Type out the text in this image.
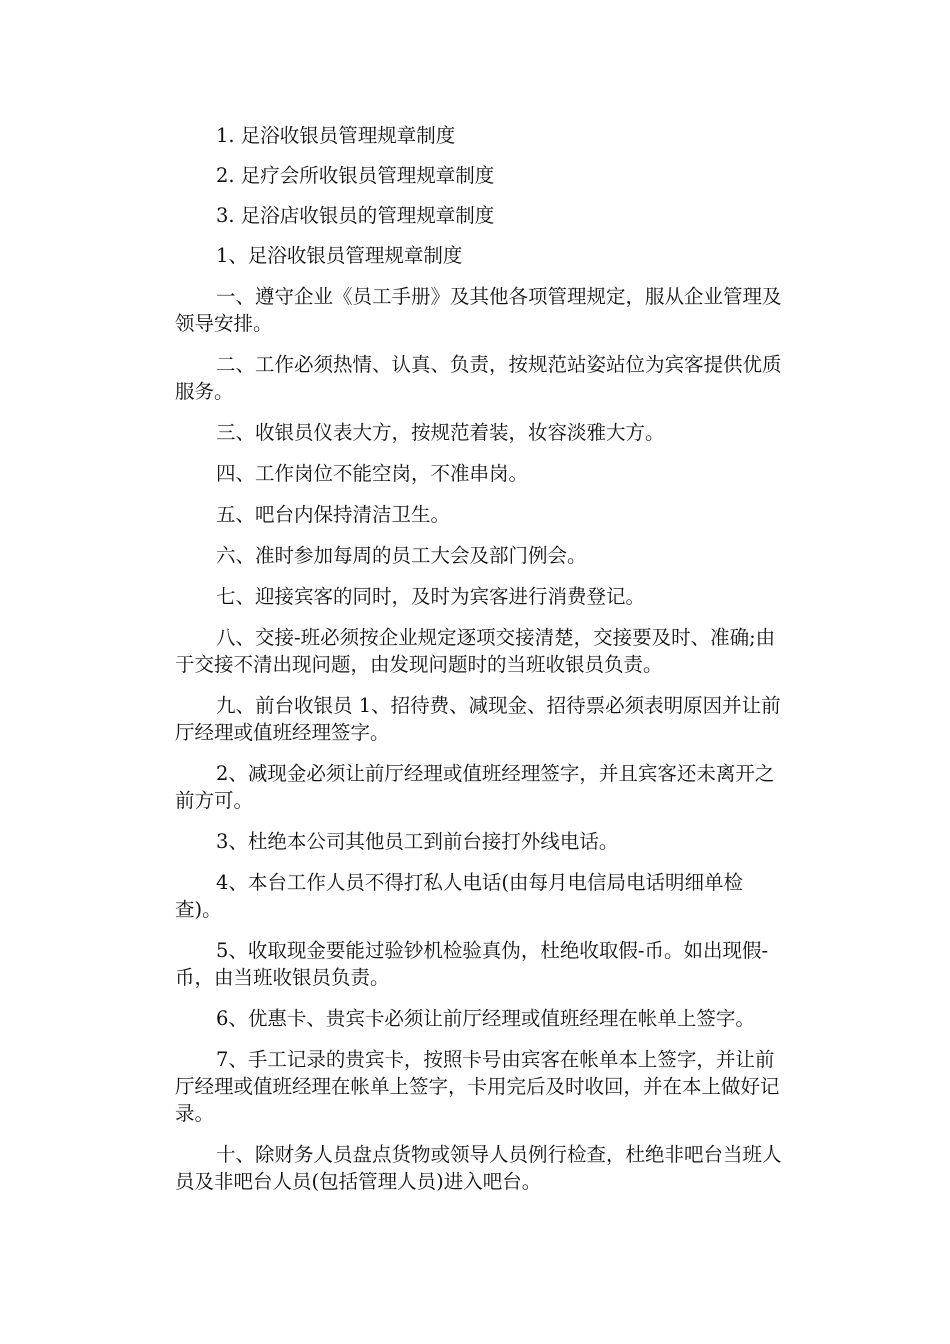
1. 足浴收银员管理规章制度

2. 足疗会所收银员管理规章制度

3. 足浴店收银员的管理规章制度

1、足浴收银员管理规章制度

一、遵守企业《员工手册》及其他各项管理规定，服从企业管理及领导安排。

二、工作必须热情、认真、负责，按规范站姿站位为宾客提供优质服务。

三、收银员仪表大方，按规范着装，妆容淡雅大方。

四、工作岗位不能空岗，不准串岗。

五、吧台内保持清洁卫生。

六、准时参加每周的员工大会及部门例会。

七、迎接宾客的同时，及时为宾客进行消费登记。

八、交接-班必须按企业规定逐项交接清楚，交接要及时、准确;由于交接不清出现问题，由发现问题时的当班收银员负责。

九、前台收银员 1、招待费、减现金、招待票必须表明原因并让前厅经理或值班经理签字。

2、减现金必须让前厅经理或值班经理签字，并且宾客还未离开之前方可。

3、杜绝本公司其他员工到前台接打外线电话。

4、本台工作人员不得打私人电话(由每月电信局电话明细单检查)。

5、收取现金要能过验钞机检验真伪，杜绝收取假-币。如出现假-币，由当班收银员负责。

6、优惠卡、贵宾卡必须让前厅经理或值班经理在帐单上签字。

7、手工记录的贵宾卡，按照卡号由宾客在帐单本上签字，并让前厅经理或值班经理在帐单上签字，卡用完后及时收回，并在本上做好记录。

十、除财务人员盘点货物或领导人员例行检查，杜绝非吧台当班人员及非吧台人员(包括管理人员)进入吧台。
